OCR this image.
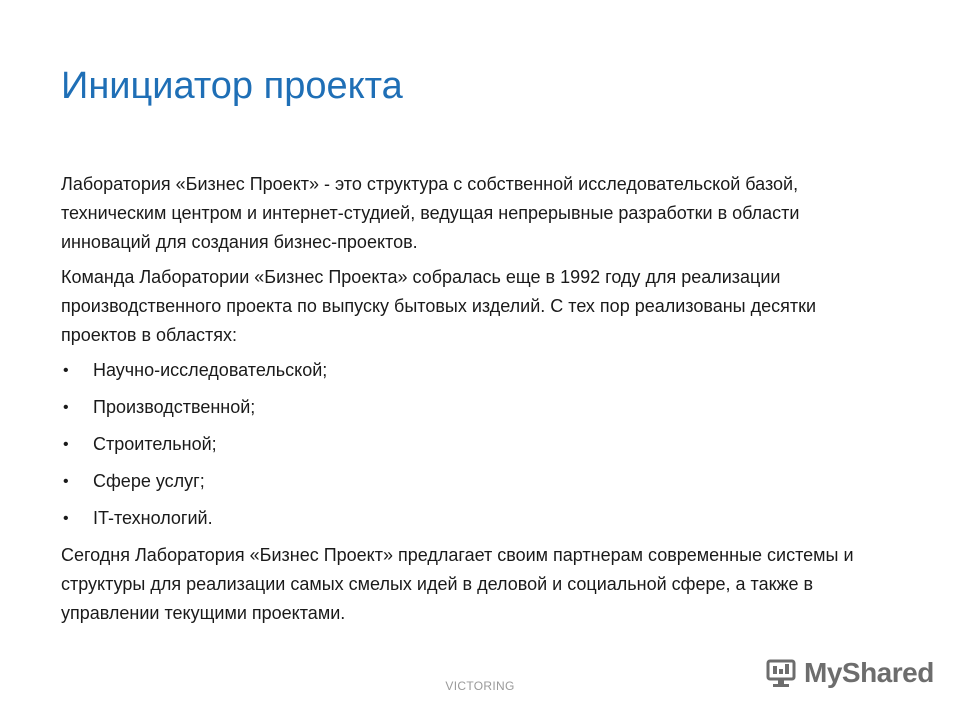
Инициатор проекта

Лаборатория «Бизнес Проект» - это структура с собственной исследовательской базой, техническим центром и интернет-студией, ведущая непрерывные разработки в области инноваций для создания бизнес-проектов.

Команда Лаборатории «Бизнес Проекта» собралась еще в 1992 году для реализации производственного проекта по выпуску бытовых изделий. С тех пор реализованы десятки проектов в областях:

• Научно-исследовательской;
• Производственной;
• Строительной;
• Сфере услуг;
• IT-технологий.

Сегодня Лаборатория «Бизнес Проект» предлагает своим партнерам современные системы и структуры для реализации самых смелых идей в деловой и социальной сфере, а также в управлении текущими проектами.

VICTORING	MyShared
